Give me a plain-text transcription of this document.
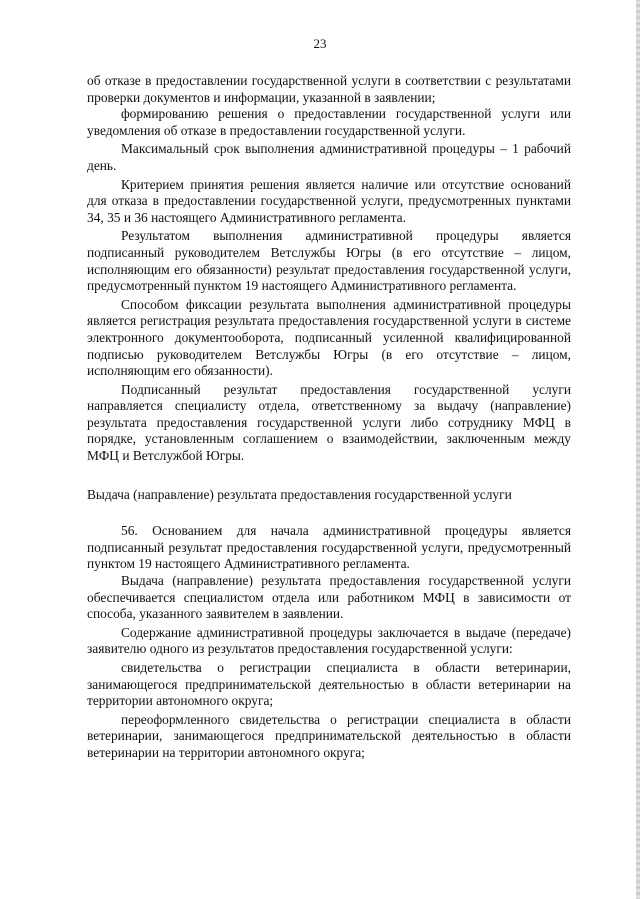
23

об отказе в предоставлении государственной услуги в соответствии с результатами проверки документов и информации, указанной в заявлении;

формированию решения о предоставлении государственной услуги или уведомления об отказе в предоставлении государственной услуги.

Максимальный срок выполнения административной процедуры – 1 рабочий день.

Критерием принятия решения является наличие или отсутствие оснований для отказа в предоставлении государственной услуги, предусмотренных пунктами 34, 35 и 36 настоящего Административного регламента.

Результатом выполнения административной процедуры является подписанный руководителем Ветслужбы Югры (в его отсутствие – лицом, исполняющим его обязанности) результат предоставления государственной услуги, предусмотренный пунктом 19 настоящего Административного регламента.

Способом фиксации результата выполнения административной процедуры является регистрация результата предоставления государственной услуги в системе электронного документооборота, подписанный усиленной квалифицированной подписью руководителем Ветслужбы Югры (в его отсутствие – лицом, исполняющим его обязанности).

Подписанный результат предоставления государственной услуги направляется специалисту отдела, ответственному за выдачу (направление) результата предоставления государственной услуги либо сотруднику МФЦ в порядке, установленным соглашением о взаимодействии, заключенным между МФЦ и Ветслужбой Югры.

Выдача (направление) результата предоставления государственной услуги

56. Основанием для начала административной процедуры является подписанный результат предоставления государственной услуги, предусмотренный пунктом 19 настоящего Административного регламента.

Выдача (направление) результата предоставления государственной услуги обеспечивается специалистом отдела или работником МФЦ в зависимости от способа, указанного заявителем в заявлении.

Содержание административной процедуры заключается в выдаче (передаче) заявителю одного из результатов предоставления государственной услуги:

свидетельства о регистрации специалиста в области ветеринарии, занимающегося предпринимательской деятельностью в области ветеринарии на территории автономного округа;

переоформленного свидетельства о регистрации специалиста в области ветеринарии, занимающегося предпринимательской деятельностью в области ветеринарии на территории автономного округа;
